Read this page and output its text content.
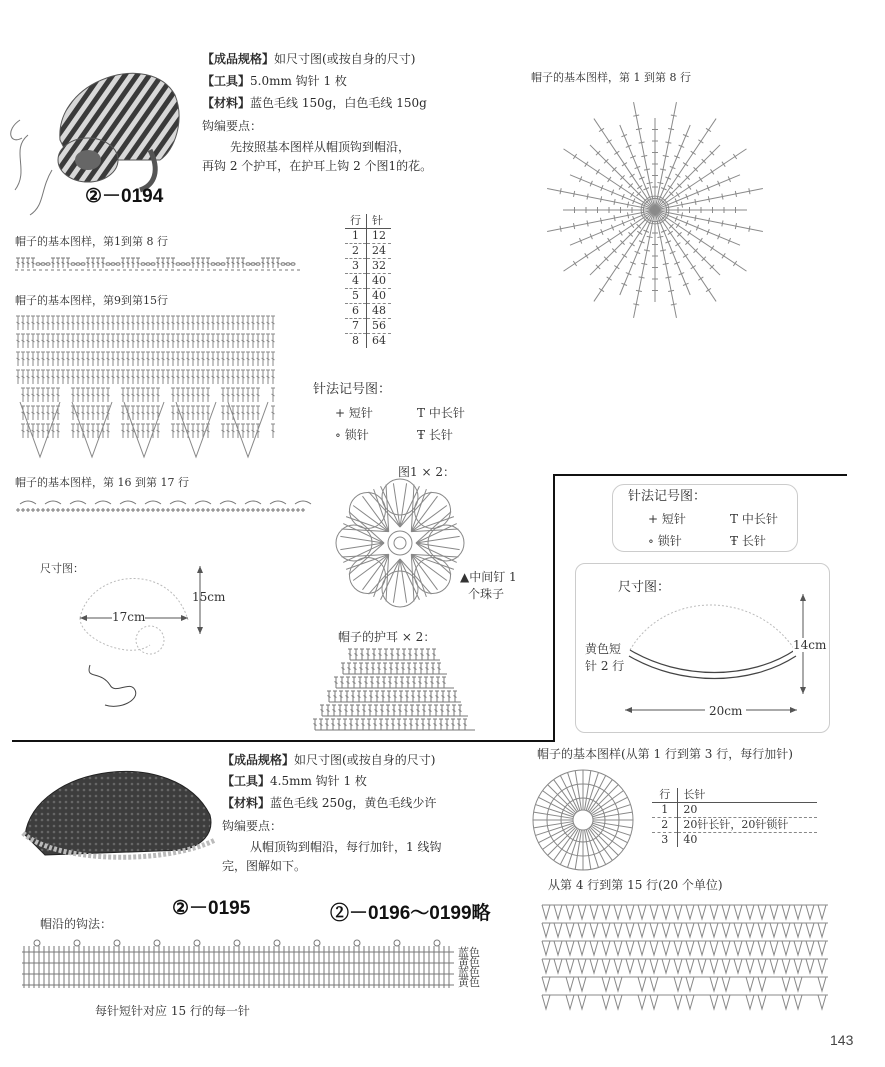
【成品规格】如尺寸图(或按自身的尺寸)
【工具】5.0mm 钩针 1 枚
【材料】蓝色毛线 150g，白色毛线 150g
钩编要点：
先按照基本图样从帽顶钩到帽沿，
再钩 2 个护耳，在护耳上钩 2 个图1的花。
②－0194
帽子的基本图样，第1到第 8 行
帽子的基本图样，第9到第15行
行	针
1	12
2	24
3	32
4	40
5	40
6	48
7	56
8	64
针法记号图：
+ 短针	T 中长针
∘ 锁针	Ŧ 长针
帽子的基本图样，第 1 到第 8 行
帽子的基本图样，第 16 到第 17 行
尺寸图：
17cm
15cm
图1 × 2：
▲中间钉 1
个珠子
帽子的护耳 × 2：
针法记号图：
+ 短针	T 中长针
∘ 锁针	Ŧ 长针
尺寸图：
黄色短
针 2 行
14cm
20cm
【成品规格】如尺寸图(或按自身的尺寸)
【工具】4.5mm 钩针 1 枚
【材料】蓝色毛线 250g，黄色毛线少许
钩编要点：
从帽顶钩到帽沿，每行加针，1 线钩
完，图解如下。
②－0195	②－0196～0199略
帽子的基本图样(从第 1 行到第 3 行，每行加针)
行	长针
1	20
2	20针长针，20针锁针
3	40
从第 4 行到第 15 行(20 个单位)
帽沿的钩法：
蓝色
黄色
蓝色
黄色
每针短针对应 15 行的每一针
143
